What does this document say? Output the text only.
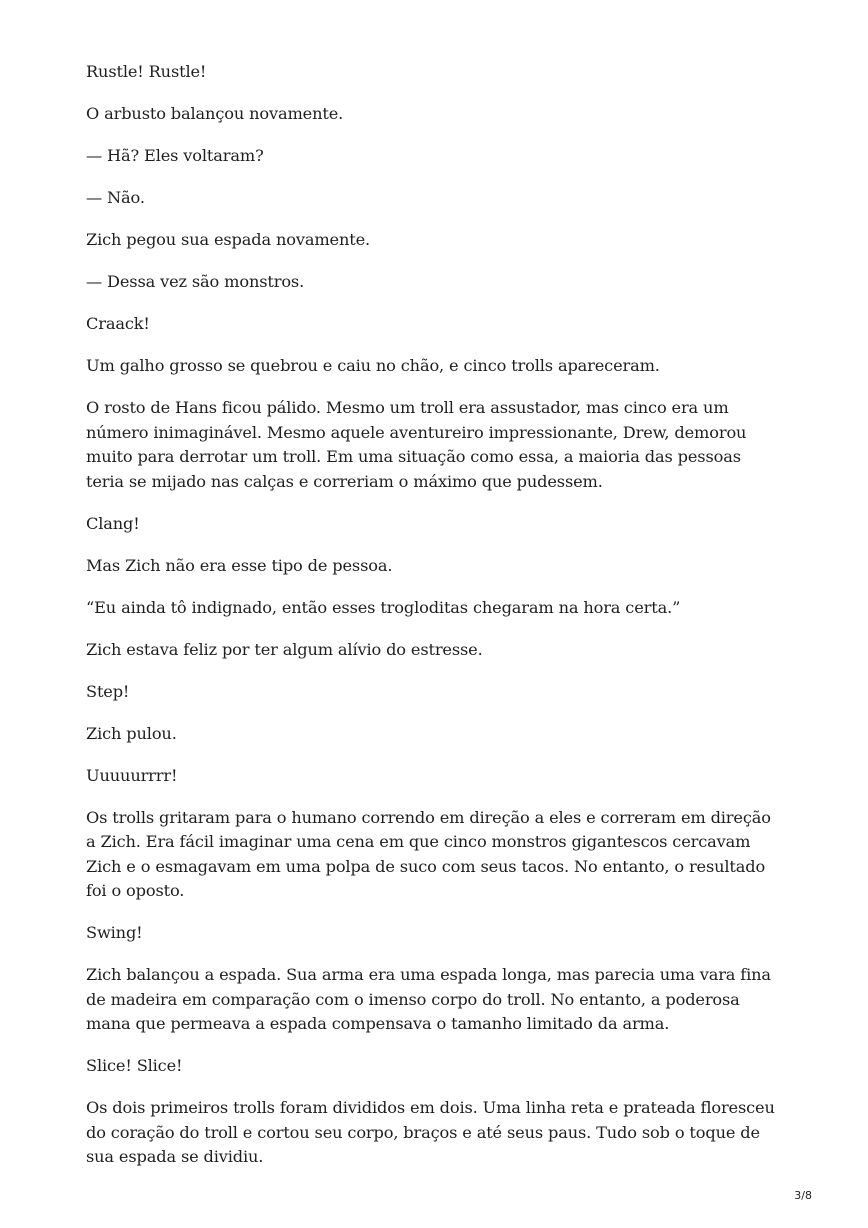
Rustle! Rustle!

O arbusto balançou novamente.

— Hã? Eles voltaram?

— Não.

Zich pegou sua espada novamente.

— Dessa vez são monstros.

Craack!

Um galho grosso se quebrou e caiu no chão, e cinco trolls apareceram.

O rosto de Hans ficou pálido. Mesmo um troll era assustador, mas cinco era um número inimaginável. Mesmo aquele aventureiro impressionante, Drew, demorou muito para derrotar um troll. Em uma situação como essa, a maioria das pessoas teria se mijado nas calças e correriam o máximo que pudessem.

Clang!

Mas Zich não era esse tipo de pessoa.

“Eu ainda tô indignado, então esses trogloditas chegaram na hora certa.”

Zich estava feliz por ter algum alívio do estresse.

Step!

Zich pulou.

Uuuuurrrr!

Os trolls gritaram para o humano correndo em direção a eles e correram em direção a Zich. Era fácil imaginar uma cena em que cinco monstros gigantescos cercavam Zich e o esmagavam em uma polpa de suco com seus tacos. No entanto, o resultado foi o oposto.

Swing!

Zich balançou a espada. Sua arma era uma espada longa, mas parecia uma vara fina de madeira em comparação com o imenso corpo do troll. No entanto, a poderosa mana que permeava a espada compensava o tamanho limitado da arma.

Slice! Slice!

Os dois primeiros trolls foram divididos em dois. Uma linha reta e prateada floresceu do coração do troll e cortou seu corpo, braços e até seus paus. Tudo sob o toque de sua espada se dividiu.

3/8
